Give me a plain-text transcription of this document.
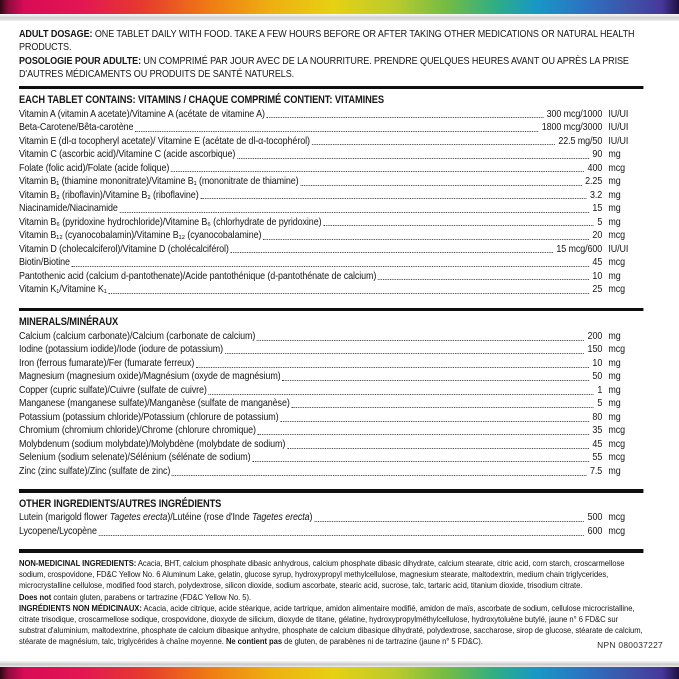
ADULT DOSAGE: ONE TABLET DAILY WITH FOOD. TAKE A FEW HOURS BEFORE OR AFTER TAKING OTHER MEDICATIONS OR NATURAL HEALTH PRODUCTS.

POSOLOGIE POUR ADULTE: UN COMPRIMÉ PAR JOUR AVEC DE LA NOURRITURE. PRENDRE QUELQUES HEURES AVANT OU APRÈS LA PRISE D'AUTRES MÉDICAMENTS OU PRODUITS DE SANTÉ NATURELS.

EACH TABLET CONTAINS: VITAMINS / CHAQUE COMPRIMÉ CONTIENT: VITAMINES
Vitamin A (vitamin A acetate)/Vitamine A (acétate de vitamine A)	300 mcg/1000 IU/UI
Beta-Carotene/Bêta-carotène	1800 mcg/3000 IU/UI
Vitamin E (dl-α tocopheryl acetate)/ Vitamine E (acétate de dl-α-tocophérol)	22.5 mg/50 IU/UI
Vitamin C (ascorbic acid)/Vitamine C (acide ascorbique)	90 mg
Folate (folic acid)/Folate (acide folique)	400 mcg
Vitamin B₁ (thiamine mononitrate)/Vitamine B₁ (mononitrate de thiamine)	2.25 mg
Vitamin B₂ (riboflavin)/Vitamine B₂ (riboflavine)	3.2 mg
Niacinamide/Niacinamide	15 mg
Vitamin B₆ (pyridoxine hydrochloride)/Vitamine B₆ (chlorhydrate de pyridoxine)	5 mg
Vitamin B₁₂ (cyanocobalamin)/Vitamine B₁₂ (cyanocobalamine)	20 mcg
Vitamin D (cholecalciferol)/Vitamine D (cholécalciférol)	15 mcg/600 IU/UI
Biotin/Biotine	45 mcg
Pantothenic acid (calcium d-pantothenate)/Acide pantothénique (d-pantothénate de calcium)	10 mg
Vitamin K₁/Vitamine K₁	25 mcg
MINERALS/MINÉRAUX
Calcium (calcium carbonate)/Calcium (carbonate de calcium)	200 mg
Iodine (potassium iodide)/Iode (iodure de potassium)	150 mcg
Iron (ferrous fumarate)/Fer (fumarate ferreux)	10 mg
Magnesium (magnesium oxide)/Magnésium (oxyde de magnésium)	50 mg
Copper (cupric sulfate)/Cuivre (sulfate de cuivre)	1 mg
Manganese (manganese sulfate)/Manganèse (sulfate de manganèse)	5 mg
Potassium (potassium chloride)/Potassium (chlorure de potassium)	80 mg
Chromium (chromium chloride)/Chrome (chlorure chromique)	35 mcg
Molybdenum (sodium molybdate)/Molybdène (molybdate de sodium)	45 mcg
Selenium (sodium selenate)/Sélénium (sélénate de sodium)	55 mcg
Zinc (zinc sulfate)/Zinc (sulfate de zinc)	7.5 mg
OTHER INGREDIENTS/AUTRES INGRÉDIENTS
Lutein (marigold flower Tagetes erecta)/Lutéine (rose d'Inde Tagetes erecta)	500 mcg
Lycopene/Lycopène	600 mcg
NON-MEDICINAL INGREDIENTS: Acacia, BHT, calcium phosphate dibasic anhydrous, calcium phosphate dibasic dihydrate, calcium stearate, citric acid, corn starch, croscarmellose sodium, crospovidone, FD&C Yellow No. 6 Aluminum Lake, gelatin, glucose syrup, hydroxypropyl methylcellulose, magnesium stearate, maltodextrin, medium chain triglycerides, microcrystalline cellulose, modified food starch, polydextrose, silicon dioxide, sodium ascorbate, stearic acid, sucrose, talc, tartaric acid, titanium dioxide, trisodium citrate.
Does not contain gluten, parabens or tartrazine (FD&C Yellow No. 5).
INGRÉDIENTS NON MÉDICINAUX: Acacia, acide citrique, acide stéarique, acide tartrique, amidon alimentaire modifié, amidon de maïs, ascorbate de sodium, cellulose microcristalline, citrate trisodique, croscarmellose sodique, crospovidone, dioxyde de silicium, dioxyde de titane, gélatine, hydroxypropylméthylcellulose, hydroxytoluène butylé, jaune n° 6 FD&C sur substrat d'aluminium, maltodextrine, phosphate de calcium dibasique anhydre, phosphate de calcium dibasique dihydraté, polydextrose, saccharose, sirop de glucose, stéarate de calcium, stéarate de magnésium, talc, triglycérides à chaîne moyenne. Ne contient pas de gluten, de parabènes ni de tartrazine (jaune n° 5 FD&C).	NPN 080037227
